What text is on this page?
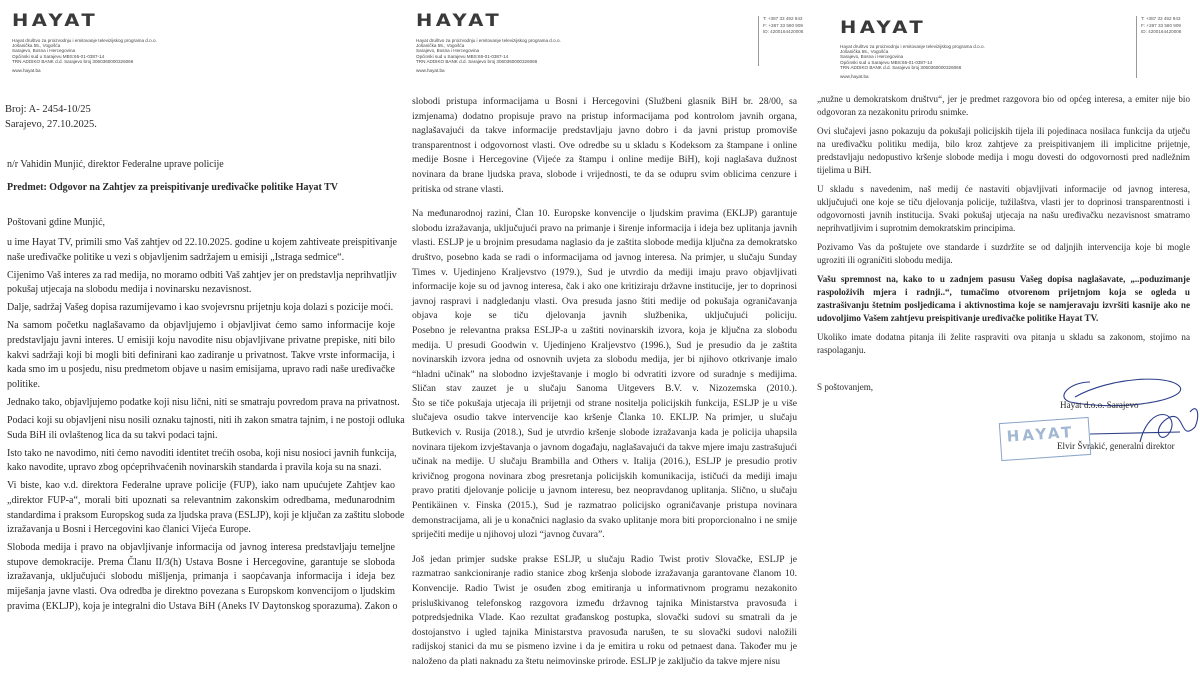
HAYAT
Hayat društvo za proizvodnju i emitovanje televizijskog programa d.o.o.
Jošanička 55., Vogošća
Sarajevo, Bosna i Hercegovina
Općinski sud u Sarajevu MBS:65-01-0387-14
TRN ADDIKO BANK d.d. Sarajevo broj 3060360000326066
www.hayat.ba
Broj: A- 2454-10/25
Sarajevo, 27.10.2025.
n/r Vahidin Munjić, direktor Federalne uprave policije
Predmet: Odgovor na Zahtjev za preispitivanje uređivačke politike Hayat TV
Poštovani gdine Munjić,
u ime Hayat TV, primili smo Vaš zahtjev od 22.10.2025. godine u kojem zahtiveate preispitivanje
naše uređivačke politike u vezi s objavljenim sadržajem u emisiji „Istraga sedmice“.
Cijenimo Vaš interes za rad medija, no moramo odbiti Vaš zahtjev jer on predstavlja neprihvatljiv
pokušaj utjecaja na slobodu medija i novinarsku nezavisnost.
Dalje, sadržaj Vašeg dopisa razumijevamo i kao svojevrsnu prijetnju koja dolazi s pozicije moći.
Na samom početku naglašavamo da objavljujemo i objavljivat ćemo samo informacije koje
predstavljaju javni interes. U emisiji koju navodite nisu objavljivane privatne prepiske, niti bilo
kakvi sadržaji koji bi mogli biti definirani kao zadiranje u privatnost. Takve vrste informacija, i
kada smo im u posjedu, nisu predmetom objave u nasim emisijama, upravo radi naše uređivačke
politike.
Jednako tako, objavljujemo podatke koji nisu lični, niti se smatraju povredom prava na privatnost.
Podaci koji su objavljeni nisu nosili oznaku tajnosti, niti ih zakon smatra tajnim, i ne postoji odluka
Suda BiH ili ovlaštenog lica da su takvi podaci tajni.
Isto tako ne navodimo, niti ćemo navoditi identitet trećih osoba, koji nisu nosioci javnih funkcija,
kako navodite, upravo zbog općeprihvaćenih novinarskih standarda i pravila koja su na snazi.
Vi biste, kao v.d. direktora Federalne uprave policije (FUP), iako nam upućujete Zahtjev kao
„direktor FUP-a“, morali biti upoznati sa relevantnim zakonskim odredbama, međunarodnim
standardima i praksom Europskog suda za ljudska prava (ESLJP), koji je ključan za zaštitu slobode
izražavanja u Bosni i Hercegovini kao članici Vijeća Europe.
Sloboda medija i pravo na objavljivanje informacija od javnog interesa predstavljaju temeljne
stupove demokracije. Prema Članu II/3(h) Ustava Bosne i Hercegovine, garantuje se sloboda
izražavanja, uključujući slobodu mišljenja, primanja i saopćavanja informacija i ideja bez
miješanja javne vlasti. Ova odredba je direktno povezana s Europskom konvencijom o ljudskim
pravima (EKLJP), koja je integralni dio Ustava BiH (Aneks IV Daytonskog sporazuma). Zakon o
HAYAT
Hayat društvo za proizvodnju i emitovanje televizijskog programa d.o.o.
Jošanička 55., Vogošća
Sarajevo, Bosna i Hercegovina
Općinski sud u Sarajevu MBS:65-01-0387-14
TRN ADDIKO BANK d.d. Sarajevo broj 3060360000326066
www.hayat.ba
T: +387 33 492 943
F: +387 33 580 909
ID: 4200164420006
slobodi pristupa informacijama u Bosni i Hercegovini (Službeni glasnik BiH br. 28/00, sa
izmjenama) dodatno propisuje pravo na pristup informacijama pod kontrolom javnih organa,
naglašavajući da takve informacije predstavljaju javno dobro i da javni pristup promoviše
transparentnost i odgovornost vlasti. Ove odredbe su u skladu s Kodeksom za štampane i online
medije Bosne i Hercegovine (Vijeće za štampu i online medije BiH), koji naglašava dužnost
novinara da brane ljudska prava, slobode i vrijednosti, te da se odupru svim oblicima cenzure i
pritiska od strane vlasti.
Na međunarodnoj razini, Član 10. Europske konvencije o ljudskim pravima (EKLJP) garantuje
slobodu izražavanja, uključujući pravo na primanje i širenje informacija i ideja bez uplitanja javnih
vlasti. ESLJP je u brojnim presudama naglasio da je zaštita slobode medija ključna za demokratsko
društvo, posebno kada se radi o informacijama od javnog interesa. Na primjer, u slučaju Sunday
Times v. Ujedinjeno Kraljevstvo (1979.), Sud je utvrdio da mediji imaju pravo objavljivati
informacije koje su od javnog interesa, čak i ako one kritiziraju državne institucije, jer to doprinosi
javnoj raspravi i nadgledanju vlasti. Ova presuda jasno štiti medije od pokušaja ograničavanja
objava koje se tiču djelovanja javnih službenika, uključujući policiju.
Posebno je relevantna praksa ESLJP-a u zaštiti novinarskih izvora, koja je ključna za slobodu
medija. U presudi Goodwin v. Ujedinjeno Kraljevstvo (1996.), Sud je presudio da je zaštita
novinarskih izvora jedna od osnovnih uvjeta za slobodu medija, jer bi njihovo otkrivanje imalo
“hladni učinak” na slobodno izvještavanje i moglo bi odvratiti izvore od suradnje s medijima.
Sličan stav zauzet je u slučaju Sanoma Uitgevers B.V. v. Nizozemska (2010.).
Što se tiče pokušaja utjecaja ili prijetnji od strane nositelja policijskih funkcija, ESLJP je u više
slučajeva osudio takve intervencije kao kršenje Članka 10. EKLJP. Na primjer, u slučaju
Butkevich v. Rusija (2018.), Sud je utvrdio kršenje slobode izražavanja kada je policija uhapsila
novinara tijekom izvještavanja o javnom događaju, naglašavajući da takve mjere imaju zastrašujući
učinak na medije. U slučaju Brambilla and Others v. Italija (2016.), ESLJP je presudio protiv
krivičnog progona novinara zbog presretanja policijskih komunikacija, ističući da mediji imaju
pravo pratiti djelovanje policije u javnom interesu, bez neopravdanog uplitanja. Slično, u slučaju
Pentikäinen v. Finska (2015.), Sud je razmatrao policijsko ograničavanje pristupa novinara
demonstracijama, ali je u konačnici naglasio da svako uplitanje mora biti proporcionalno i ne smije
spriječiti medije u njihovoj ulozi “javnog čuvara”.
Još jedan primjer sudske prakse ESLJP, u slučaju Radio Twist protiv Slovačke, ESLJP je
razmatrao sankcioniranje radio stanice zbog kršenja slobode izražavanja garantovane članom 10.
Konvencije. Radio Twist je osuđen zbog emitiranja u informativnom programu nezakonito
prisluškivanog telefonskog razgovora između državnog tajnika Ministarstva pravosuđa i
potpredsjednika Vlade. Kao rezultat građanskog postupka, slovački sudovi su smatrali da je
dostojanstvo i ugled tajnika Ministarstva pravosuđa narušen, te su slovački sudovi naložili
radijskoj stanici da mu se pismeno izvine i da je emitira u roku od petnaest dana. Također mu je
naloženo da plati naknadu za štetu neimovinske prirode. ESLJP je zaključio da takve mjere nisu
HAYAT
Hayat društvo za proizvodnju i emitovanje televizijskog programa d.o.o.
Jošanička 55., Vogošća
Sarajevo, Bosna i Hercegovina
Općinski sud u Sarajevu MBS:65-01-0387-14
TRN ADDIKO BANK d.d. Sarajevo broj 3060360000326066
www.hayat.ba
T: +387 33 492 943
F: +387 33 580 909
ID: 4200164420006
„nužne u demokratskom društvu“, jer je predmet razgovora bio od općeg interesa, a emiter nije bio
odgovoran za nezakonitu prirodu snimke.
Ovi slučajevi jasno pokazuju da pokušaji policijskih tijela ili pojedinaca nosilaca funkcija da utječu
na uređivačku politiku medija, bilo kroz zahtjeve za preispitivanjem ili implicitne prijetnje,
predstavljaju nedopustivo kršenje slobode medija i mogu dovesti do odgovornosti pred nadležnim
tijelima u BiH.
U skladu s navedenim, naš medij će nastaviti objavljivati informacije od javnog interesa,
uključujući one koje se tiču djelovanja policije, tužilaštva, vlasti jer to doprinosi transparentnosti i
odgovornosti javnih institucija. Svaki pokušaj utjecaja na našu uređivačku nezavisnost smatramo
neprihvatljivim i suprotnim demokratskim principima.
Pozivamo Vas da poštujete ove standarde i suzdržite se od daljnjih intervencija koje bi mogle
ugroziti ili ograničiti slobodu medija.
Vašu spremnost na, kako to u zadnjem pasusu Vašeg dopisa naglašavate, „..poduzimanje
raspoloživih mjera i radnji..“, tumačimo otvorenom prijetnjom koja se ogleda u
zastrašivanju štetnim posljedicama i aktivnostima koje se namjeravaju izvršiti kasnije ako ne
udovoljimo Vašem zahtjevu preispitivanje uređivačke politike Hayat TV.
Ukoliko imate dodatna pitanja ili želite raspraviti ova pitanja u skladu sa zakonom, stojimo na
raspolaganju.
S poštovanjem,
HAYAT
Hayat d.o.o. Sarajevo
Elvir Švrakić, generalni direktor
